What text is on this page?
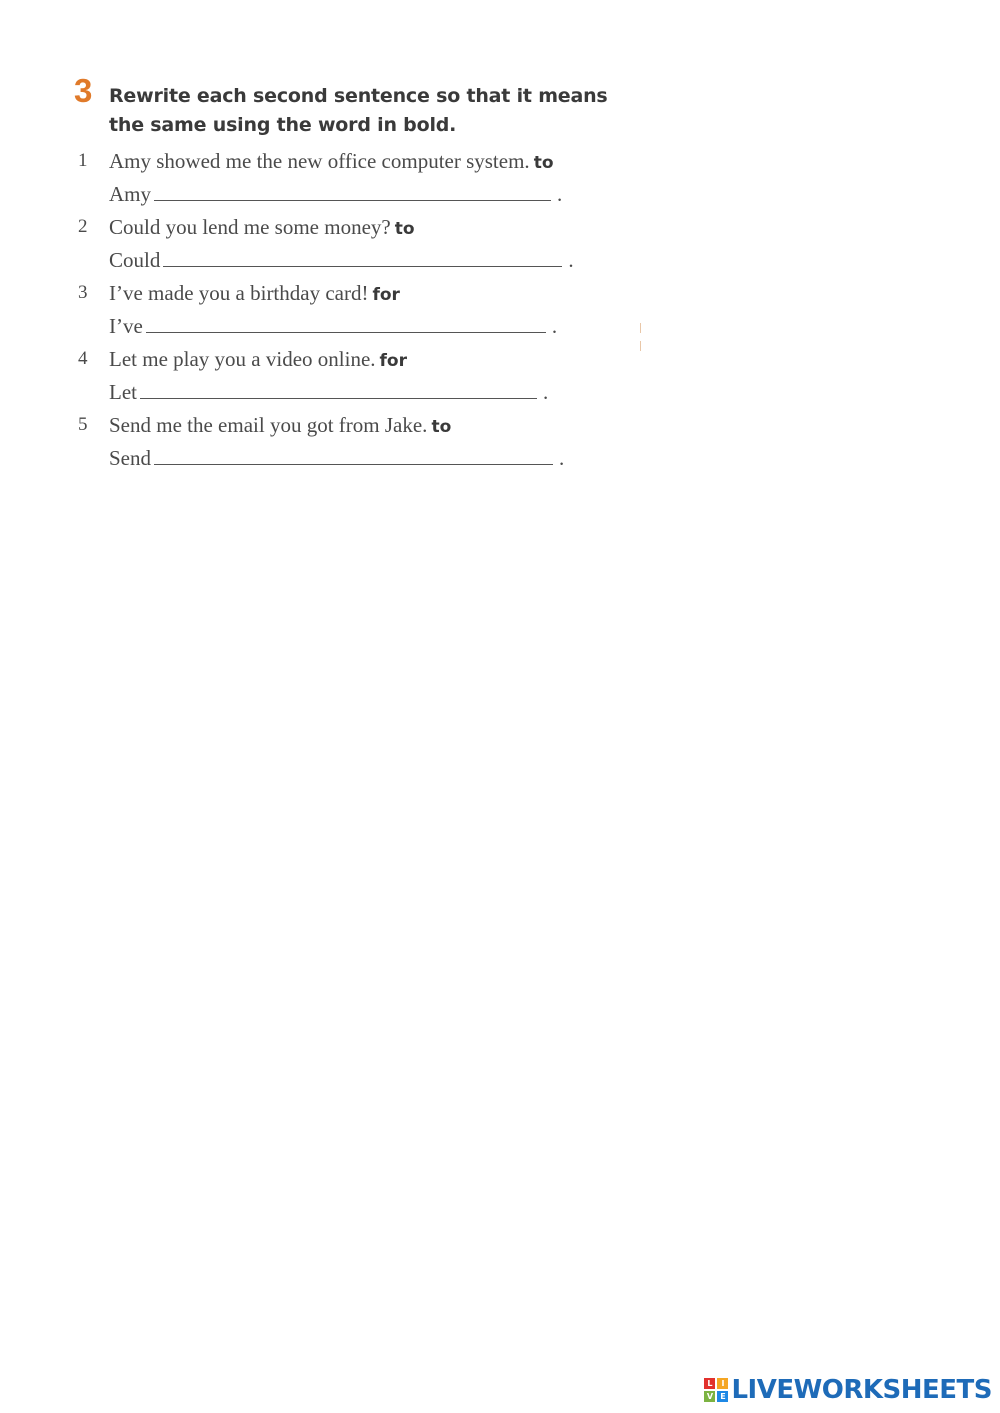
3 Rewrite each second sentence so that it means
the same using the word in bold.
1 Amy showed me the new office computer system. to
Amy	.
2 Could you lend me some money? to
Could	.
3 I’ve made you a birthday card! for
I’ve	.
4 Let me play you a video online. for
Let	.
5 Send me the email you got from Jake. to
Send	.
L	I
V E LIVEWORKSHEETS
